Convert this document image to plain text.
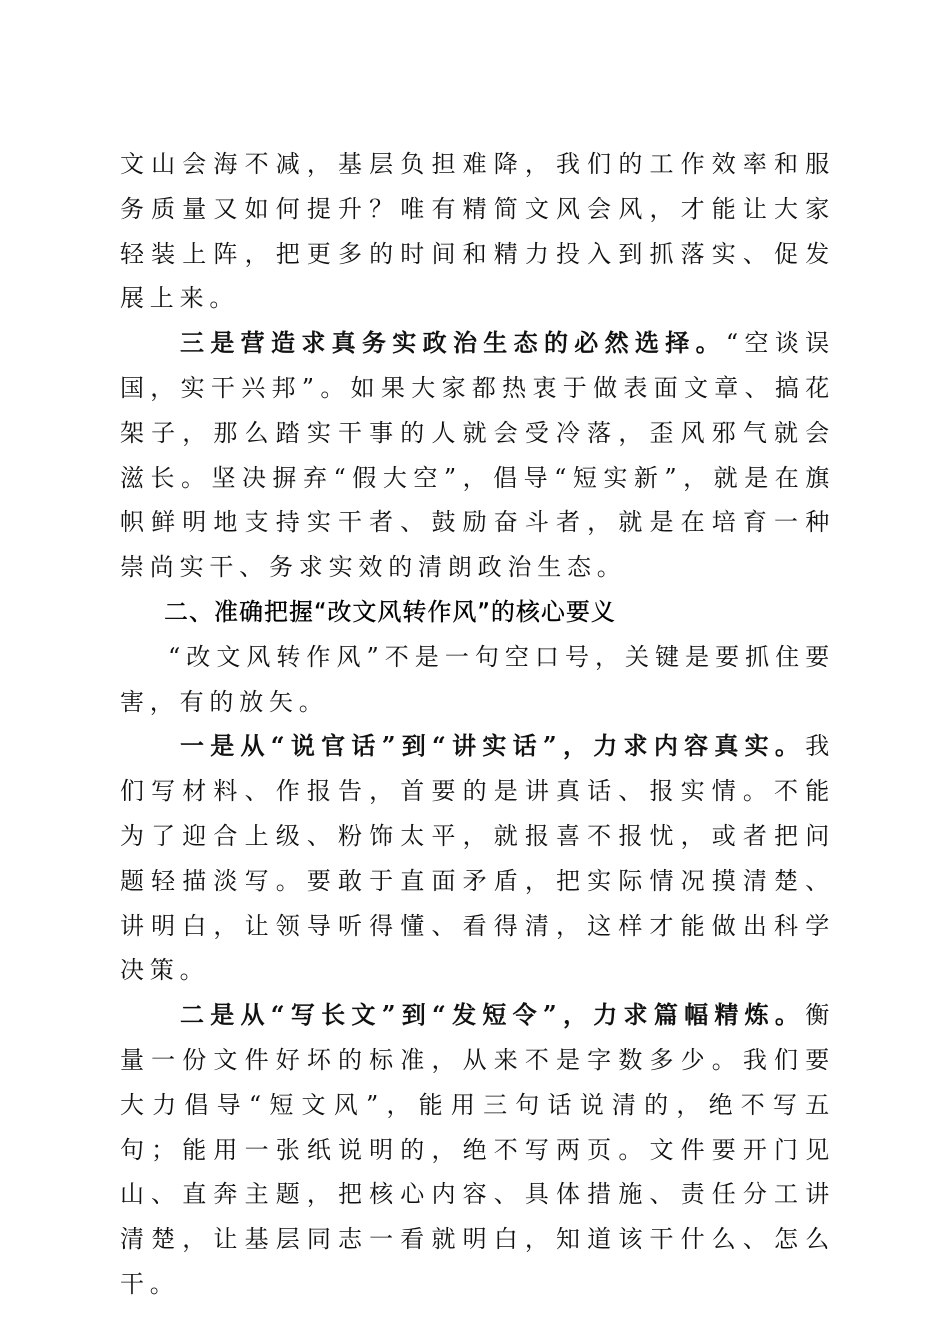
文山会海不减，基层负担难降，我们的工作效率和服务质量又如何提升？唯有精简文风会风，才能让大家轻装上阵，把更多的时间和精力投入到抓落实、促发展上来。

三是营造求真务实政治生态的必然选择。“空谈误国，实干兴邦”。如果大家都热衷于做表面文章、搞花架子，那么踏实干事的人就会受冷落，歪风邪气就会滋长。坚决摒弃“假大空”，倡导“短实新”，就是在旗帜鲜明地支持实干者、鼓励奋斗者，就是在培育一种崇尚实干、务求实效的清朗政治生态。

二、准确把握“改文风转作风”的核心要义

“改文风转作风”不是一句空口号，关键是要抓住要害，有的放矢。

一是从“说官话”到“讲实话”，力求内容真实。我们写材料、作报告，首要的是讲真话、报实情。不能为了迎合上级、粉饰太平，就报喜不报忧，或者把问题轻描淡写。要敢于直面矛盾，把实际情况摸清楚、讲明白，让领导听得懂、看得清，这样才能做出科学决策。

二是从“写长文”到“发短令”，力求篇幅精炼。衡量一份文件好坏的标准，从来不是字数多少。我们要大力倡导“短文风”，能用三句话说清的，绝不写五句；能用一张纸说明的，绝不写两页。文件要开门见山、直奔主题，把核心内容、具体措施、责任分工讲清楚，让基层同志一看就明白，知道该干什么、怎么干。
